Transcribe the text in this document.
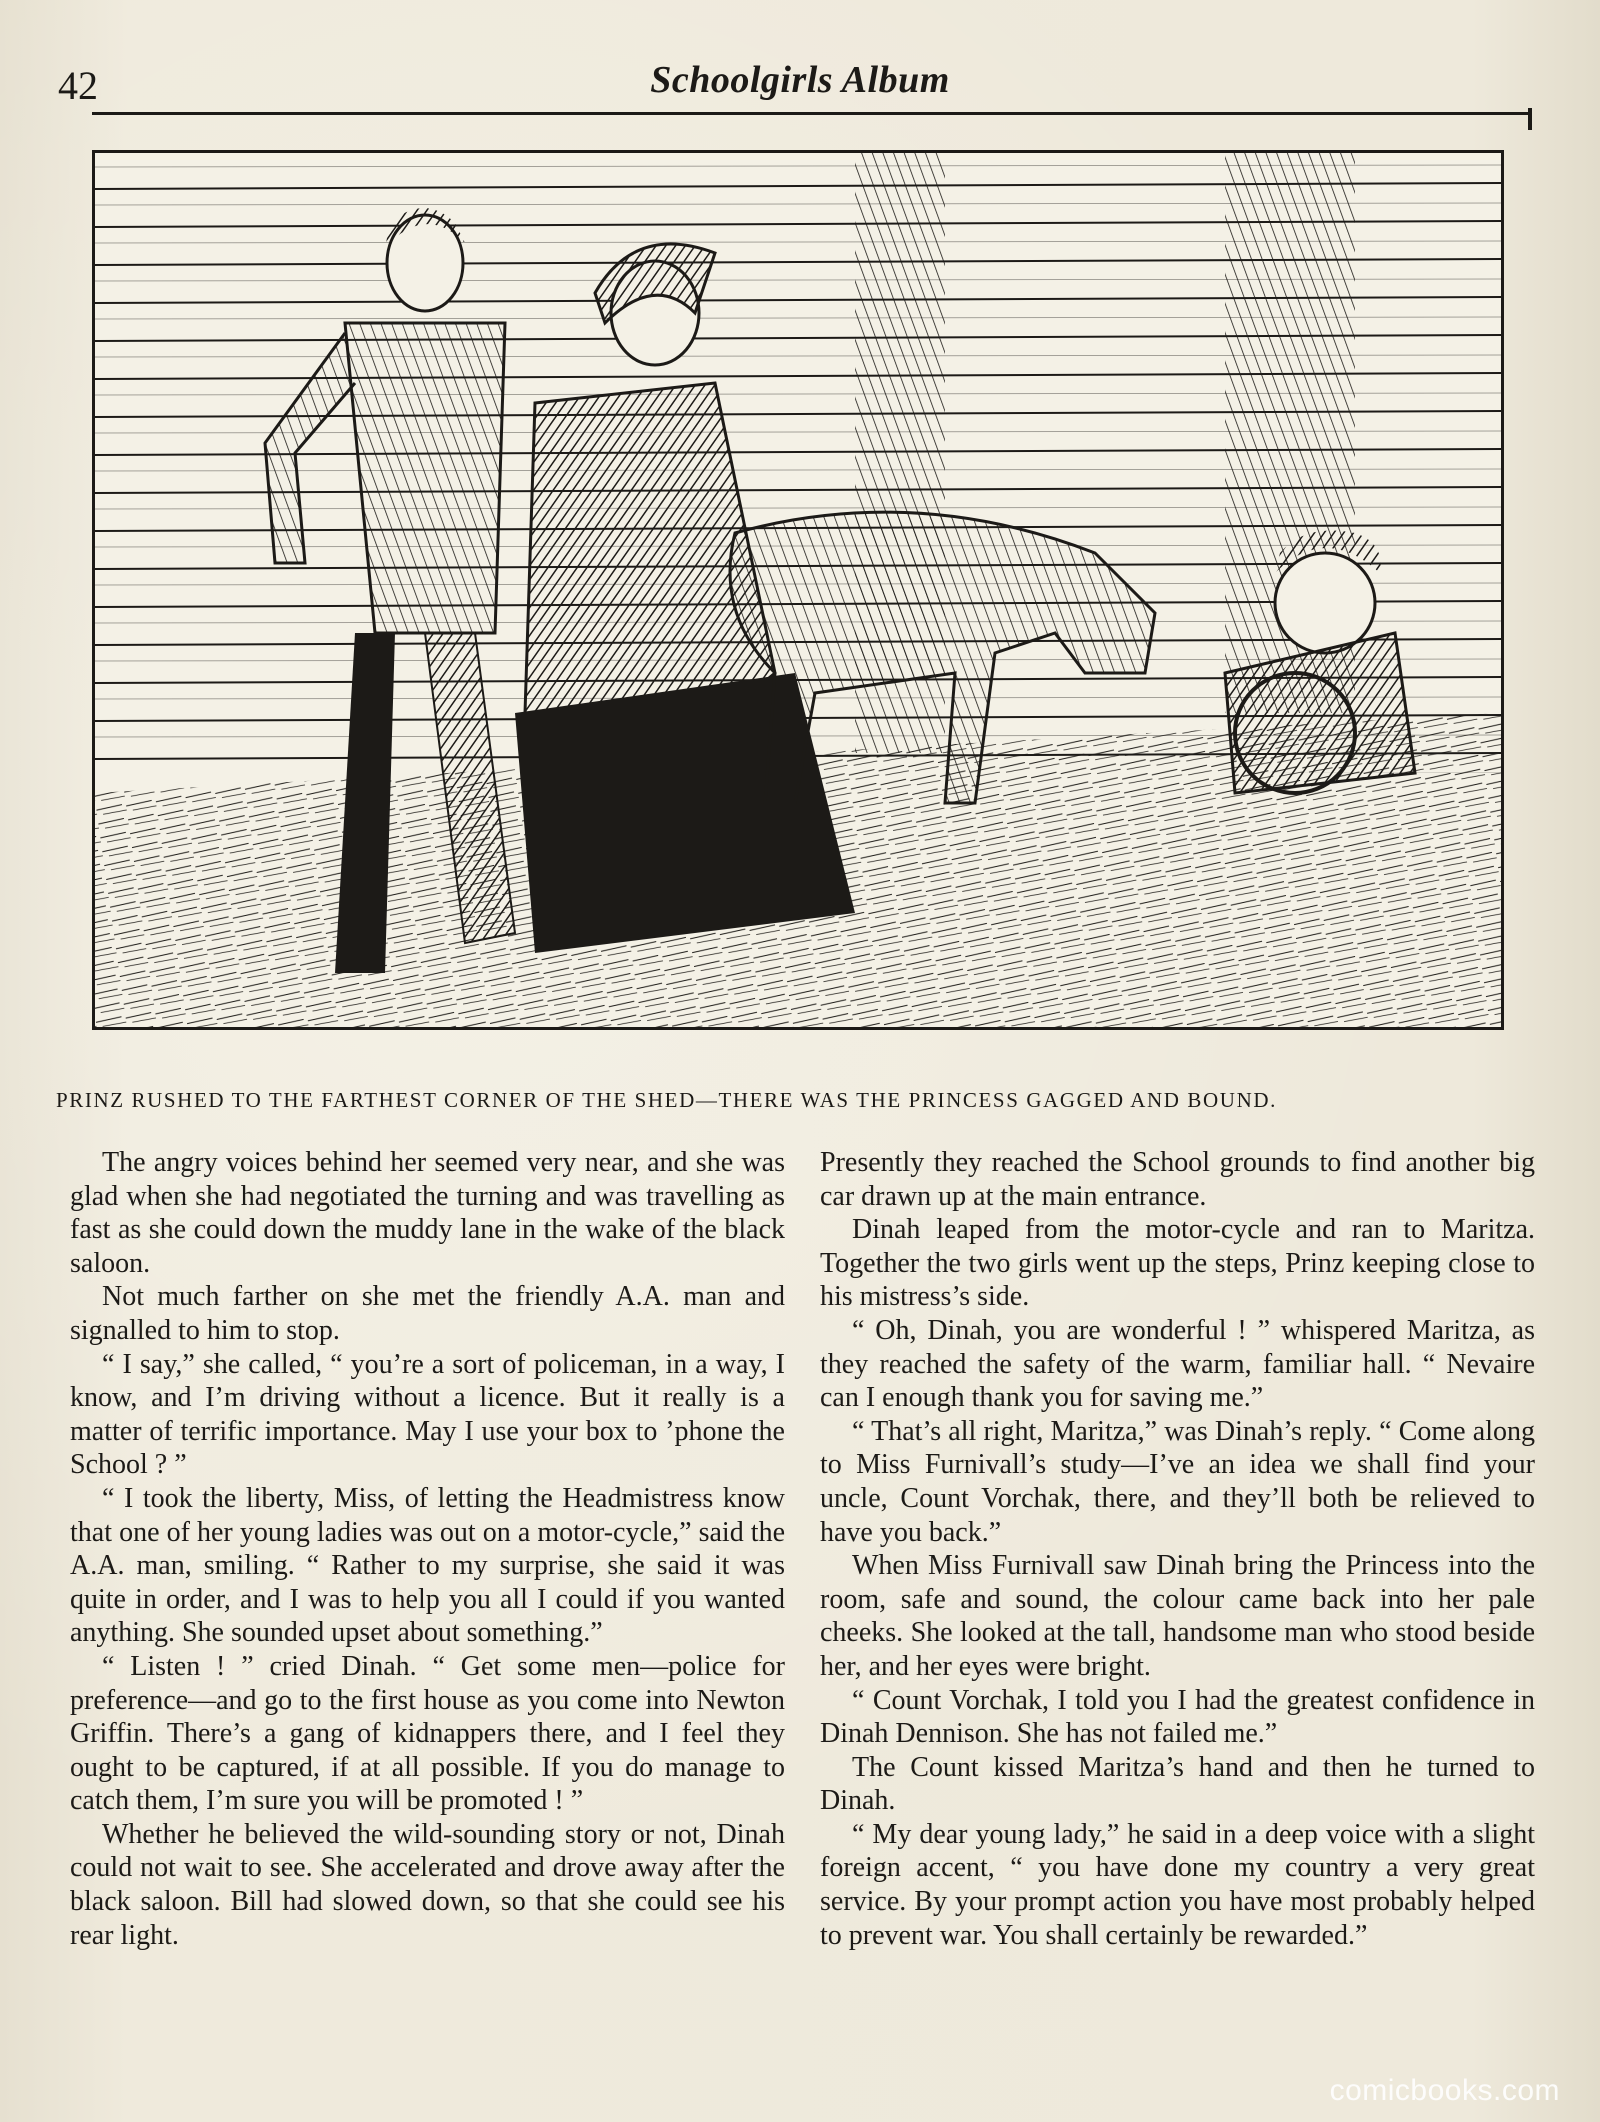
42	Schoolgirls Album
PRINZ RUSHED TO THE FARTHEST CORNER OF THE SHED—THERE WAS THE PRINCESS GAGGED AND BOUND.

The angry voices behind her seemed very near, and she was glad when she had negotiated the turning and was travelling as fast as she could down the muddy lane in the wake of the black saloon.

Not much farther on she met the friendly A.A. man and signalled to him to stop.

“ I say,” she called, “ you’re a sort of policeman, in a way, I know, and I’m driving without a licence. But it really is a matter of terrific importance. May I use your box to ’phone the School ? ”

“ I took the liberty, Miss, of letting the Headmistress know that one of her young ladies was out on a motor-cycle,” said the A.A. man, smiling. “ Rather to my surprise, she said it was quite in order, and I was to help you all I could if you wanted anything. She sounded upset about something.”

“ Listen ! ” cried Dinah. “ Get some men—police for preference—and go to the first house as you come into Newton Griffin. There’s a gang of kidnappers there, and I feel they ought to be captured, if at all possible. If you do manage to catch them, I’m sure you will be promoted ! ”

Whether he believed the wild-sounding story or not, Dinah could not wait to see. She accelerated and drove away after the black saloon. Bill had slowed down, so that she could see his rear light.

Presently they reached the School grounds to find another big car drawn up at the main entrance.

Dinah leaped from the motor-cycle and ran to Maritza. Together the two girls went up the steps, Prinz keeping close to his mistress’s side.

“ Oh, Dinah, you are wonderful ! ” whispered Maritza, as they reached the safety of the warm, familiar hall. “ Nevaire can I enough thank you for saving me.”

“ That’s all right, Maritza,” was Dinah’s reply. “ Come along to Miss Furnivall’s study—I’ve an idea we shall find your uncle, Count Vorchak, there, and they’ll both be relieved to have you back.”

When Miss Furnivall saw Dinah bring the Princess into the room, safe and sound, the colour came back into her pale cheeks. She looked at the tall, handsome man who stood beside her, and her eyes were bright.

“ Count Vorchak, I told you I had the greatest confidence in Dinah Dennison. She has not failed me.”

The Count kissed Maritza’s hand and then he turned to Dinah.

“ My dear young lady,” he said in a deep voice with a slight foreign accent, “ you have done my country a very great service. By your prompt action you have most probably helped to prevent war. You shall certainly be rewarded.”

comicbooks.com
